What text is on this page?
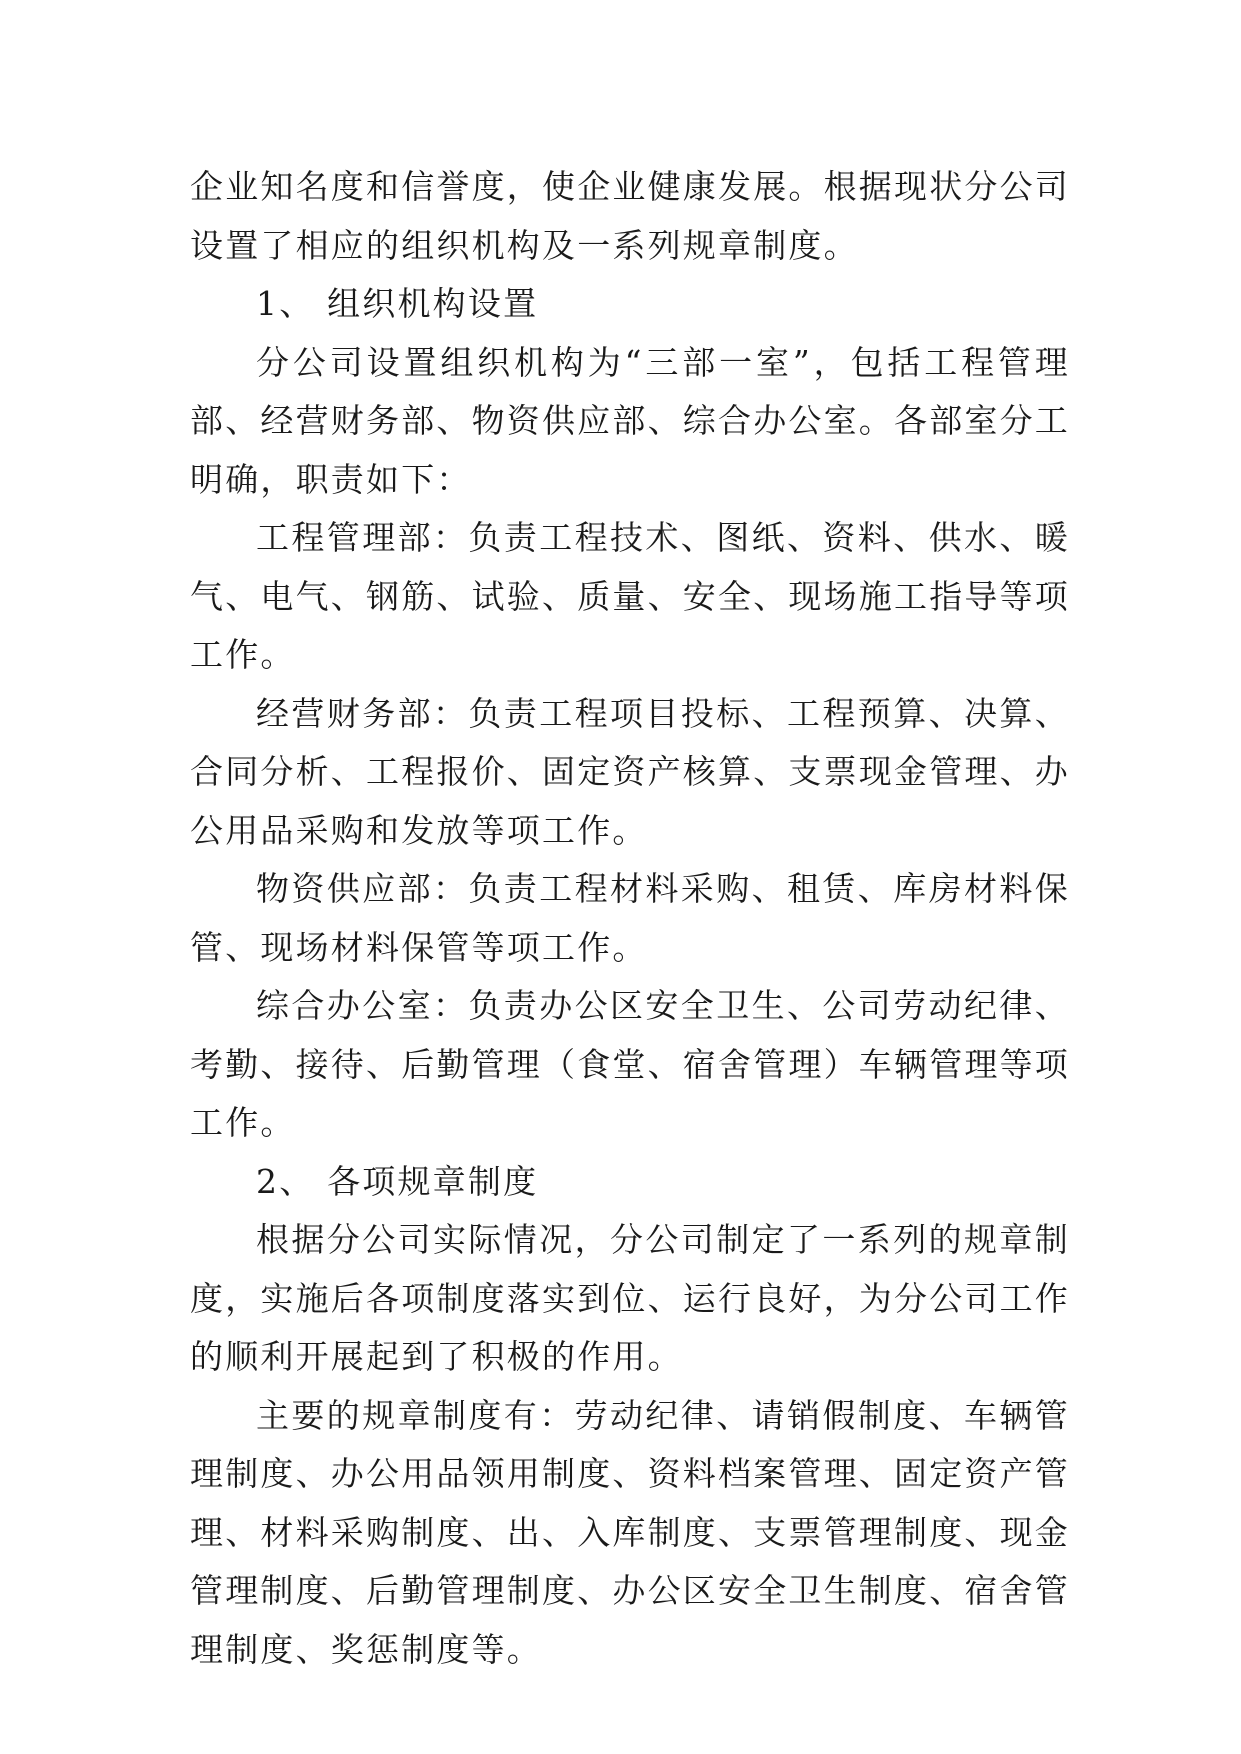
企业知名度和信誉度，使企业健康发展。根据现状分公司设置了相应的组织机构及一系列规章制度。

1、 组织机构设置

分公司设置组织机构为“三部一室”，包括工程管理部、经营财务部、物资供应部、综合办公室。各部室分工明确，职责如下：

工程管理部：负责工程技术、图纸、资料、供水、暖气、电气、钢筋、试验、质量、安全、现场施工指导等项工作。

经营财务部：负责工程项目投标、工程预算、决算、合同分析、工程报价、固定资产核算、支票现金管理、办公用品采购和发放等项工作。

物资供应部：负责工程材料采购、租赁、库房材料保管、现场材料保管等项工作。

综合办公室：负责办公区安全卫生、公司劳动纪律、考勤、接待、后勤管理（食堂、宿舍管理）车辆管理等项工作。

2、 各项规章制度

根据分公司实际情况，分公司制定了一系列的规章制度，实施后各项制度落实到位、运行良好，为分公司工作的顺利开展起到了积极的作用。

主要的规章制度有：劳动纪律、请销假制度、车辆管理制度、办公用品领用制度、资料档案管理、固定资产管理、材料采购制度、出、入库制度、支票管理制度、现金管理制度、后勤管理制度、办公区安全卫生制度、宿舍管理制度、奖惩制度等。
